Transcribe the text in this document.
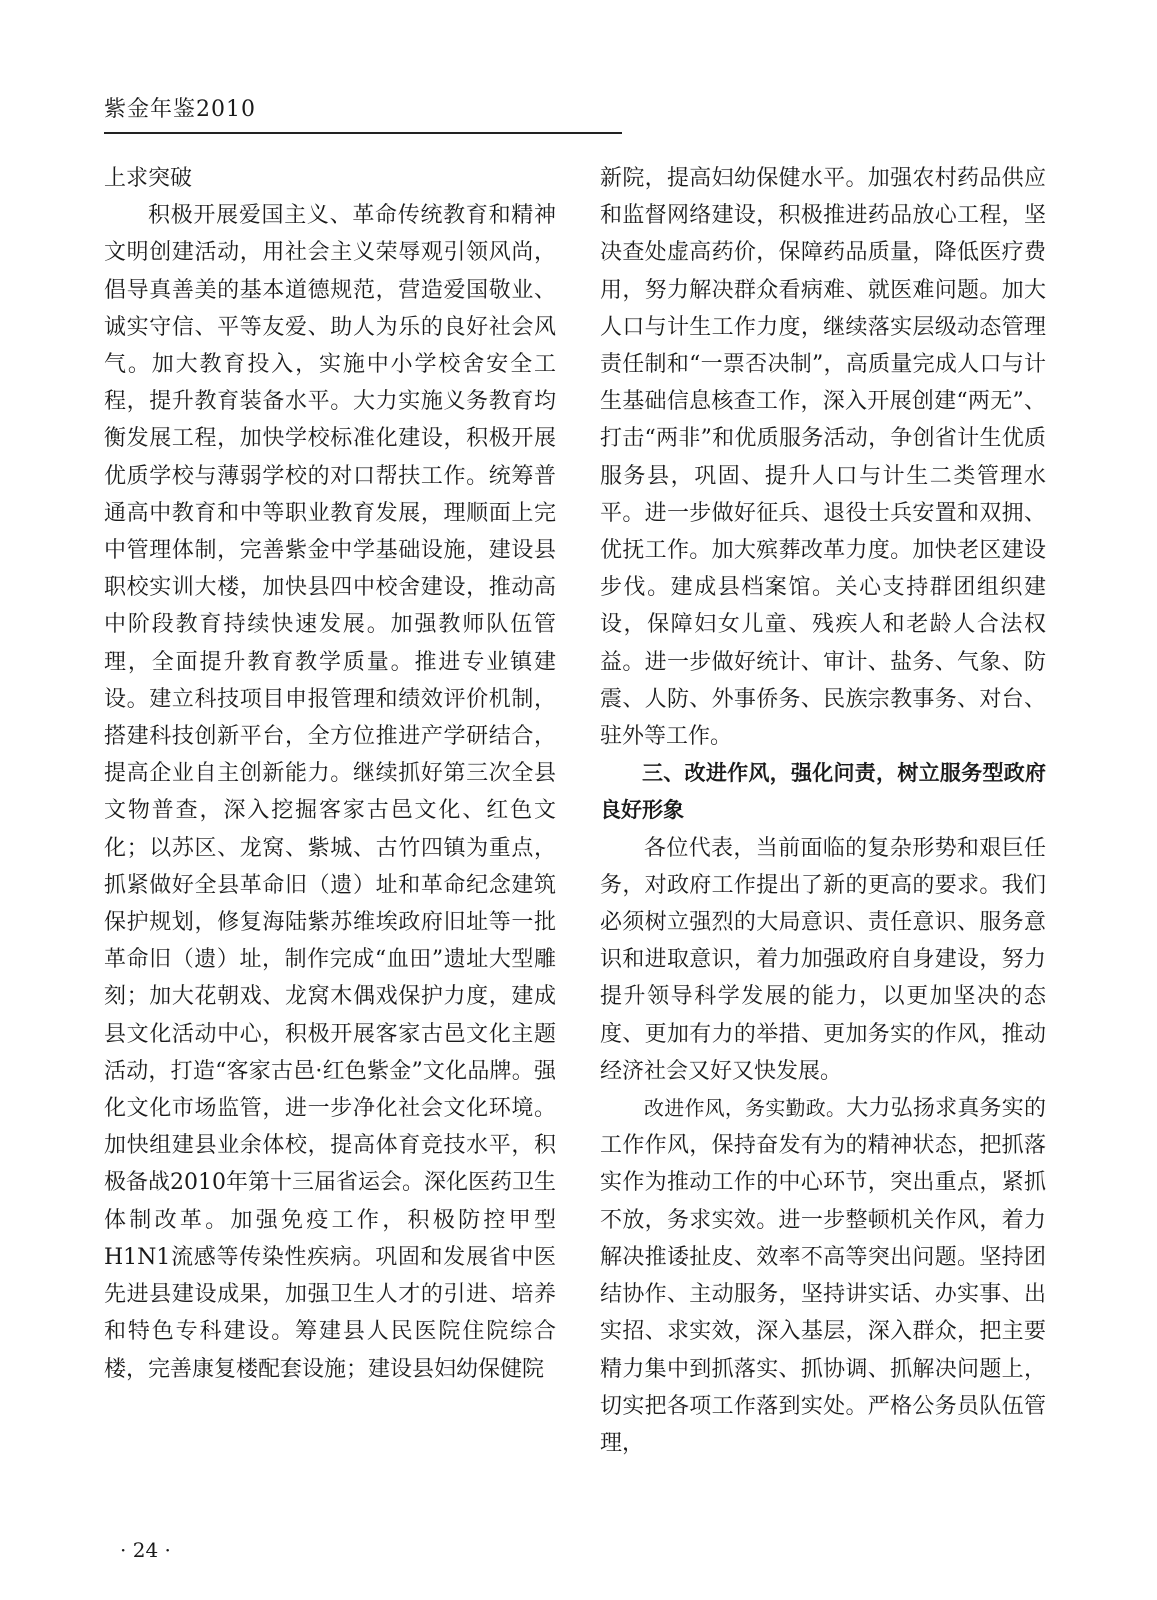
紫金年鉴2010

上求突破

积极开展爱国主义、革命传统教育和精神文明创建活动，用社会主义荣辱观引领风尚，倡导真善美的基本道德规范，营造爱国敬业、诚实守信、平等友爱、助人为乐的良好社会风气。加大教育投入，实施中小学校舍安全工程，提升教育装备水平。大力实施义务教育均衡发展工程，加快学校标准化建设，积极开展优质学校与薄弱学校的对口帮扶工作。统筹普通高中教育和中等职业教育发展，理顺面上完中管理体制，完善紫金中学基础设施，建设县职校实训大楼，加快县四中校舍建设，推动高中阶段教育持续快速发展。加强教师队伍管理，全面提升教育教学质量。推进专业镇建设。建立科技项目申报管理和绩效评价机制，搭建科技创新平台，全方位推进产学研结合，提高企业自主创新能力。继续抓好第三次全县文物普查，深入挖掘客家古邑文化、红色文化；以苏区、龙窝、紫城、古竹四镇为重点，抓紧做好全县革命旧（遗）址和革命纪念建筑保护规划，修复海陆紫苏维埃政府旧址等一批革命旧（遗）址，制作完成“血田”遗址大型雕刻；加大花朝戏、龙窝木偶戏保护力度，建成县文化活动中心，积极开展客家古邑文化主题活动，打造“客家古邑·红色紫金”文化品牌。强化文化市场监管，进一步净化社会文化环境。加快组建县业余体校，提高体育竞技水平，积极备战2010年第十三届省运会。深化医药卫生体制改革。加强免疫工作，积极防控甲型H1N1流感等传染性疾病。巩固和发展省中医先进县建设成果，加强卫生人才的引进、培养和特色专科建设。筹建县人民医院住院综合楼，完善康复楼配套设施；建设县妇幼保健院

新院，提高妇幼保健水平。加强农村药品供应和监督网络建设，积极推进药品放心工程，坚决查处虚高药价，保障药品质量，降低医疗费用，努力解决群众看病难、就医难问题。加大人口与计生工作力度，继续落实层级动态管理责任制和“一票否决制”，高质量完成人口与计生基础信息核查工作，深入开展创建“两无”、打击“两非”和优质服务活动，争创省计生优质服务县，巩固、提升人口与计生二类管理水平。进一步做好征兵、退役士兵安置和双拥、优抚工作。加大殡葬改革力度。加快老区建设步伐。建成县档案馆。关心支持群团组织建设，保障妇女儿童、残疾人和老龄人合法权益。进一步做好统计、审计、盐务、气象、防震、人防、外事侨务、民族宗教事务、对台、驻外等工作。

三、改进作风，强化问责，树立服务型政府良好形象

各位代表，当前面临的复杂形势和艰巨任务，对政府工作提出了新的更高的要求。我们必须树立强烈的大局意识、责任意识、服务意识和进取意识，着力加强政府自身建设，努力提升领导科学发展的能力，以更加坚决的态度、更加有力的举措、更加务实的作风，推动经济社会又好又快发展。

改进作风，务实勤政。大力弘扬求真务实的工作作风，保持奋发有为的精神状态，把抓落实作为推动工作的中心环节，突出重点，紧抓不放，务求实效。进一步整顿机关作风，着力解决推诿扯皮、效率不高等突出问题。坚持团结协作、主动服务，坚持讲实话、办实事、出实招、求实效，深入基层，深入群众，把主要精力集中到抓落实、抓协调、抓解决问题上，切实把各项工作落到实处。严格公务员队伍管理，

· 24 ·
